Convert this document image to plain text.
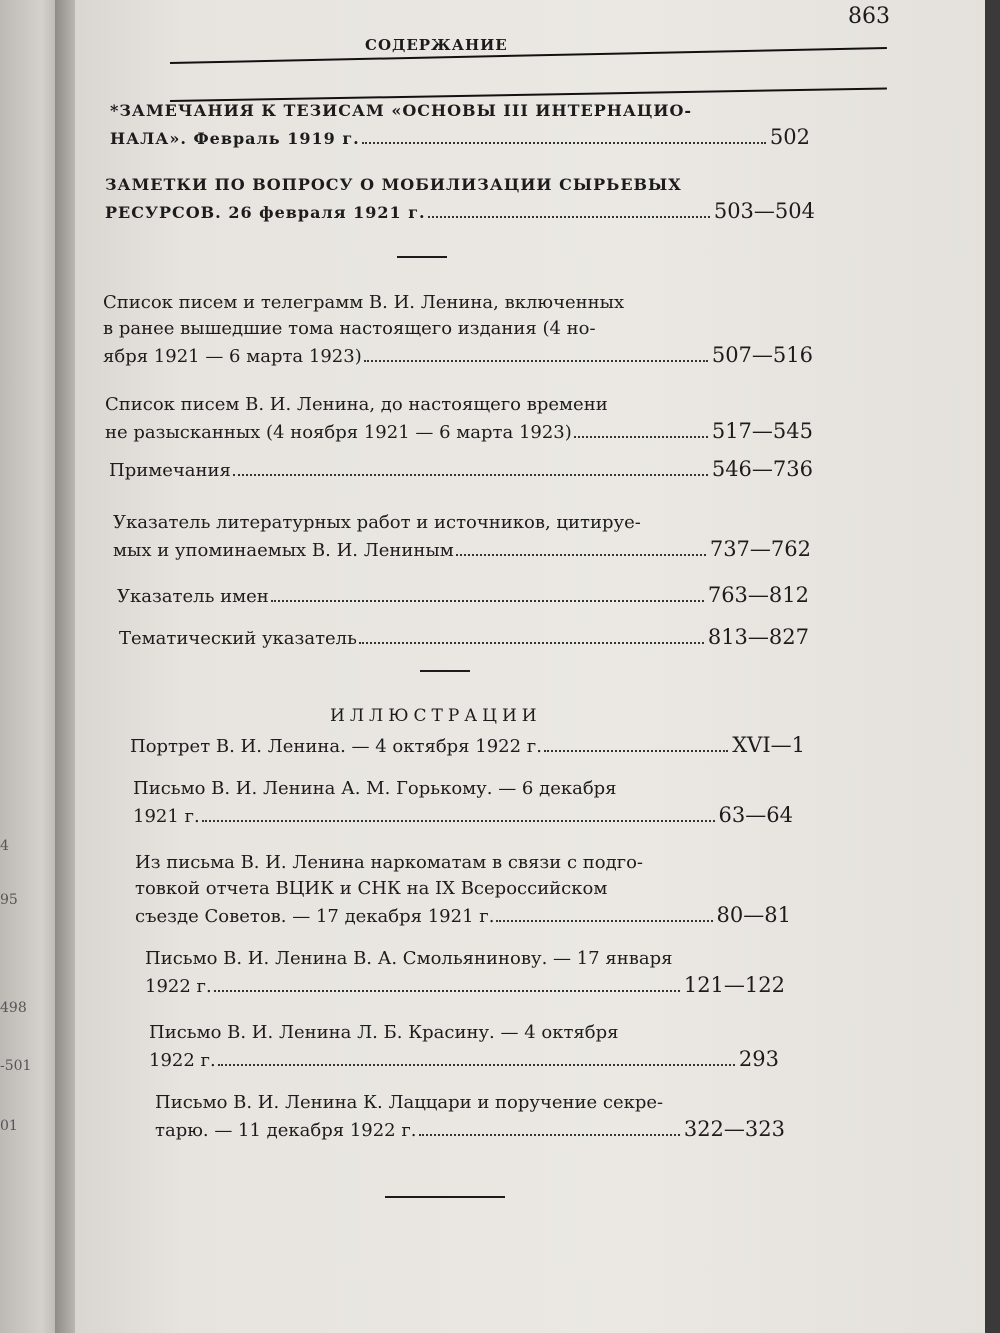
4
95
498
-501
01
863
СОДЕРЖАНИЕ
*ЗАМЕЧАНИЯ К ТЕЗИСАМ «ОСНОВЫ III ИНТЕРНАЦИО-
НАЛА». Февраль 1919 г.	502
ЗАМЕТКИ ПО ВОПРОСУ О МОБИЛИЗАЦИИ СЫРЬЕВЫХ
РЕСУРСОВ. 26 февраля 1921 г.	503—504
Список писем и телеграмм В. И. Ленина, включенных
в ранее вышедшие тома настоящего издания (4 но-
ября 1921 — 6 марта 1923)	507—516
Список писем В. И. Ленина, до настоящего времени
не разысканных (4 ноября 1921 — 6 марта 1923)	517—545
Примечания	546—736
Указатель литературных работ и источников, цитируе-
мых и упоминаемых В. И. Лениным	737—762
Указатель имен	763—812
Тематический указатель	813—827
ИЛЛЮСТРАЦИИ
Портрет В. И. Ленина. — 4 октября 1922 г.	XVI—1
Письмо В. И. Ленина А. М. Горькому. — 6 декабря
1921 г.	63—64
Из письма В. И. Ленина наркоматам в связи с подго-
товкой отчета ВЦИК и СНК на IX Всероссийском
съезде Советов. — 17 декабря 1921 г.	80—81
Письмо В. И. Ленина В. А. Смольянинову. — 17 января
1922 г.	121—122
Письмо В. И. Ленина Л. Б. Красину. — 4 октября
1922 г.	293
Письмо В. И. Ленина К. Лаццари и поручение секре-
тарю. — 11 декабря 1922 г.	322—323
